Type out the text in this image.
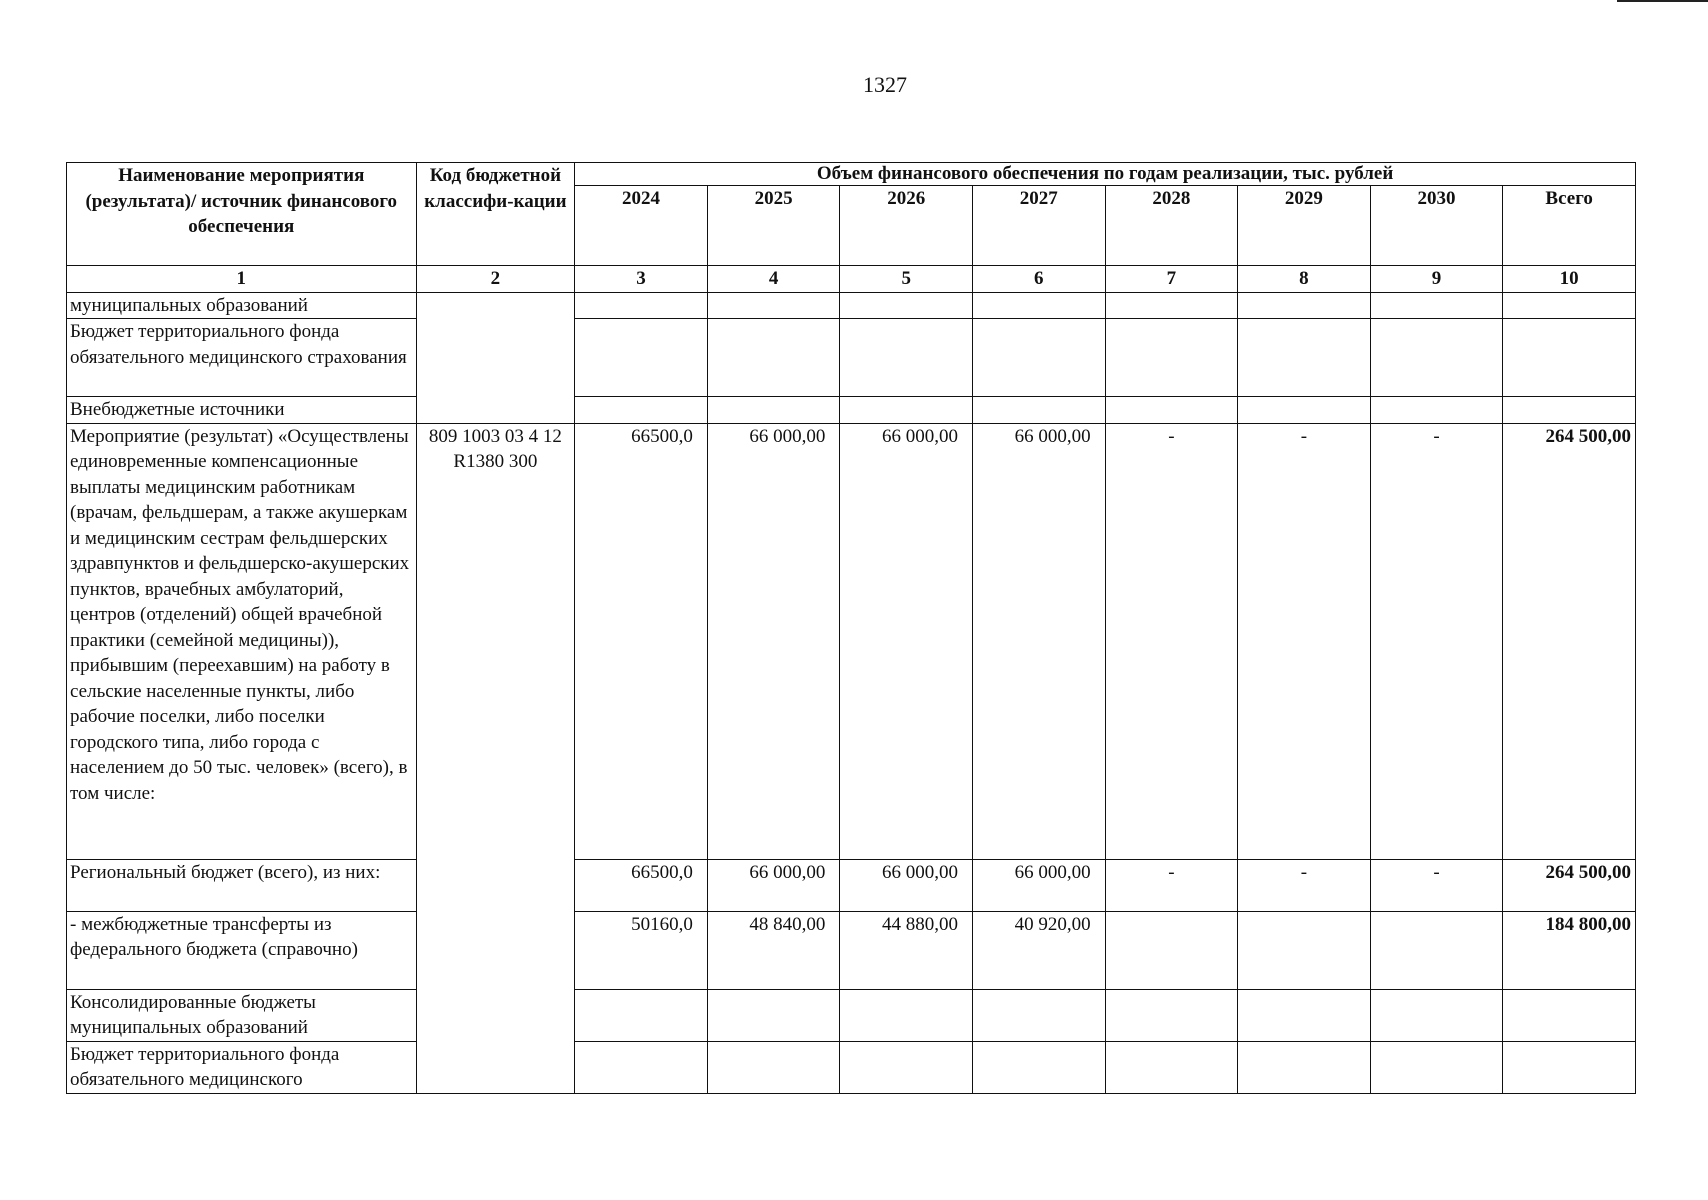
1327
Наименование мероприятия (результата)/ источник финансового обеспечения	Код бюджетной классифи-кации	Объем финансового обеспечения по годам реализации, тыс. рублей							
		2024	2025	2026	2027	2028	2029	2030	Всего
1	2	3	4	5	6	7	8	9	10
муниципальных образований									
Бюджет территориального фонда обязательного медицинского страхования									
Внебюджетные источники									
Мероприятие (результат) «Осуществлены единовременные компенсационные выплаты медицинским работникам (врачам, фельдшерам, а также акушеркам и медицинским сестрам фельдшерских здравпунктов и фельдшерско-акушерских пунктов, врачебных амбулаторий, центров (отделений) общей врачебной практики (семейной медицины)), прибывшим (переехавшим) на работу в сельские населенные пункты, либо рабочие поселки, либо поселки городского типа, либо города с населением до 50 тыс. человек» (всего), в том числе:	809 1003 03 4 12 R1380 300	66500,0	66 000,00	66 000,00	66 000,00	-	-	-	264 500,00
Региональный бюджет (всего), из них:		66500,0	66 000,00	66 000,00	66 000,00	-	-	-	264 500,00
- межбюджетные трансферты из федерального бюджета (справочно)		50160,0	48 840,00	44 880,00	40 920,00				184 800,00
Консолидированные бюджеты муниципальных образований									
Бюджет территориального фонда обязательного медицинского									
